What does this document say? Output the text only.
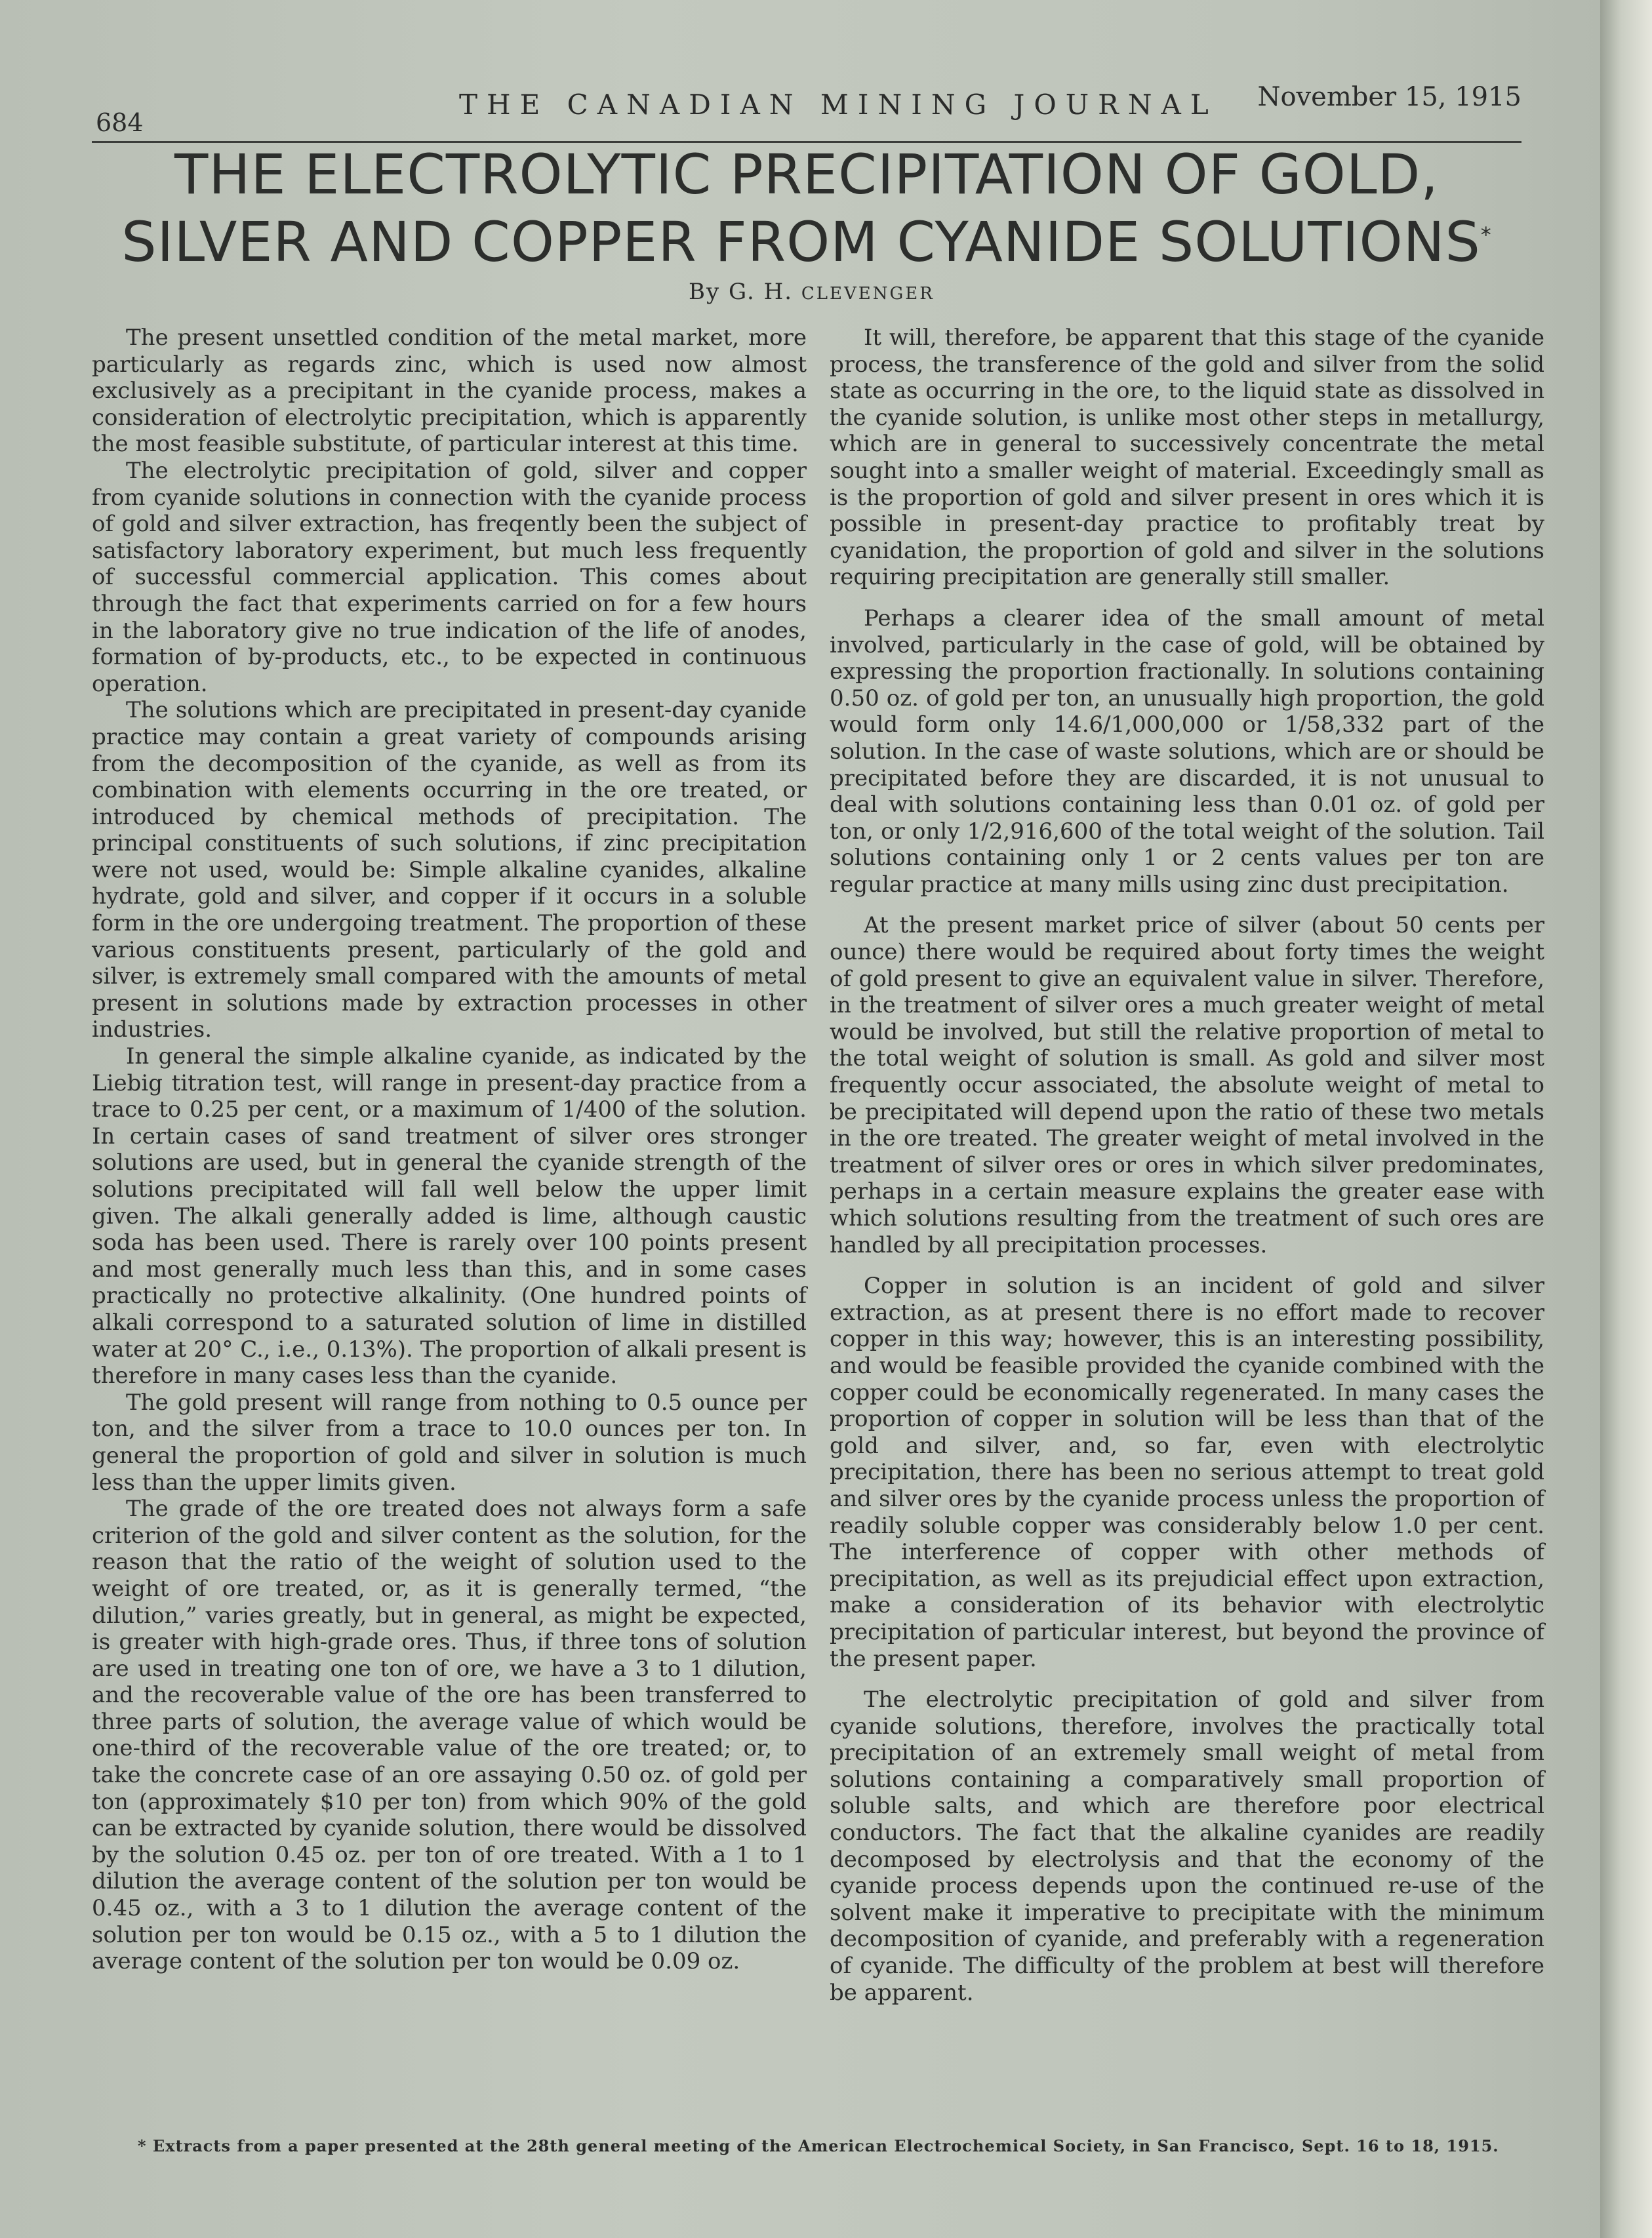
684
THE CANADIAN MINING JOURNAL November 15, 1915
THE ELECTROLYTIC PRECIPITATION OF GOLD, SILVER AND COPPER FROM CYANIDE SOLUTIONS*
By G. H. CLEVENGER

The present unsettled condition of the metal market, more particularly as regards zinc, which is used now almost exclusively as a precipitant in the cyanide process, makes a consideration of electrolytic precipitation, which is apparently the most feasible substitute, of particular interest at this time.

The electrolytic precipitation of gold, silver and copper from cyanide solutions in connection with the cyanide process of gold and silver extraction, has freqently been the subject of satisfactory laboratory experiment, but much less frequently of successful commercial application. This comes about through the fact that experiments carried on for a few hours in the laboratory give no true indication of the life of anodes, formation of by-products, etc., to be expected in continuous operation.

The solutions which are precipitated in present-day cyanide practice may contain a great variety of compounds arising from the decomposition of the cyanide, as well as from its combination with elements occurring in the ore treated, or introduced by chemical methods of precipitation. The principal constituents of such solutions, if zinc precipitation were not used, would be: Simple alkaline cyanides, alkaline hydrate, gold and silver, and copper if it occurs in a soluble form in the ore undergoing treatment. The proportion of these various constituents present, particularly of the gold and silver, is extremely small compared with the amounts of metal present in solutions made by extraction processes in other industries.

In general the simple alkaline cyanide, as indicated by the Liebig titration test, will range in present-day practice from a trace to 0.25 per cent, or a maximum of 1/400 of the solution. In certain cases of sand treatment of silver ores stronger solutions are used, but in general the cyanide strength of the solutions precipitated will fall well below the upper limit given. The alkali generally added is lime, although caustic soda has been used. There is rarely over 100 points present and most generally much less than this, and in some cases practically no protective alkalinity. (One hundred points of alkali correspond to a saturated solution of lime in distilled water at 20° C., i.e., 0.13%). The proportion of alkali present is therefore in many cases less than the cyanide.

The gold present will range from nothing to 0.5 ounce per ton, and the silver from a trace to 10.0 ounces per ton. In general the proportion of gold and silver in solution is much less than the upper limits given.

The grade of the ore treated does not always form a safe criterion of the gold and silver content as the solution, for the reason that the ratio of the weight of solution used to the weight of ore treated, or, as it is generally termed, “the dilution,” varies greatly, but in general, as might be expected, is greater with high-grade ores. Thus, if three tons of solution are used in treating one ton of ore, we have a 3 to 1 dilution, and the recoverable value of the ore has been transferred to three parts of solution, the average value of which would be one-third of the recoverable value of the ore treated; or, to take the concrete case of an ore assaying 0.50 oz. of gold per ton (approximately $10 per ton) from which 90% of the gold can be extracted by cyanide solution, there would be dissolved by the solution 0.45 oz. per ton of ore treated. With a 1 to 1 dilution the average content of the solution per ton would be 0.45 oz., with a 3 to 1 dilution the average content of the solution per ton would be 0.15 oz., with a 5 to 1 dilution the average content of the solution per ton would be 0.09 oz.

It will, therefore, be apparent that this stage of the cyanide process, the transference of the gold and silver from the solid state as occurring in the ore, to the liquid state as dissolved in the cyanide solution, is unlike most other steps in metallurgy, which are in general to successively concentrate the metal sought into a smaller weight of material. Exceedingly small as is the proportion of gold and silver present in ores which it is possible in present-day practice to profitably treat by cyanidation, the proportion of gold and silver in the solutions requiring precipitation are generally still smaller.

Perhaps a clearer idea of the small amount of metal involved, particularly in the case of gold, will be obtained by expressing the proportion fractionally. In solutions containing 0.50 oz. of gold per ton, an unusually high proportion, the gold would form only 14.6/1,000,000 or 1/58,332 part of the solution. In the case of waste solutions, which are or should be precipitated before they are discarded, it is not unusual to deal with solutions containing less than 0.01 oz. of gold per ton, or only 1/2,916,600 of the total weight of the solution. Tail solutions containing only 1 or 2 cents values per ton are regular practice at many mills using zinc dust precipitation.

At the present market price of silver (about 50 cents per ounce) there would be required about forty times the weight of gold present to give an equivalent value in silver. Therefore, in the treatment of silver ores a much greater weight of metal would be involved, but still the relative proportion of metal to the total weight of solution is small. As gold and silver most frequently occur associated, the absolute weight of metal to be precipitated will depend upon the ratio of these two metals in the ore treated. The greater weight of metal involved in the treatment of silver ores or ores in which silver predominates, perhaps in a certain measure explains the greater ease with which solutions resulting from the treatment of such ores are handled by all precipitation processes.

Copper in solution is an incident of gold and silver extraction, as at present there is no effort made to recover copper in this way; however, this is an interesting possibility, and would be feasible provided the cyanide combined with the copper could be economically regenerated. In many cases the proportion of copper in solution will be less than that of the gold and silver, and, so far, even with electrolytic precipitation, there has been no serious attempt to treat gold and silver ores by the cyanide process unless the proportion of readily soluble copper was considerably below 1.0 per cent. The interference of copper with other methods of precipitation, as well as its prejudicial effect upon extraction, make a consideration of its behavior with electrolytic precipitation of particular interest, but beyond the province of the present paper.

The electrolytic precipitation of gold and silver from cyanide solutions, therefore, involves the practically total precipitation of an extremely small weight of metal from solutions containing a comparatively small proportion of soluble salts, and which are therefore poor electrical conductors. The fact that the alkaline cyanides are readily decomposed by electrolysis and that the economy of the cyanide process depends upon the continued re-use of the solvent make it imperative to precipitate with the minimum decomposition of cyanide, and preferably with a regeneration of cyanide. The difficulty of the problem at best will therefore be apparent.

* Extracts from a paper presented at the 28th general meeting of the American Electrochemical Society, in San Francisco, Sept. 16 to 18, 1915.
